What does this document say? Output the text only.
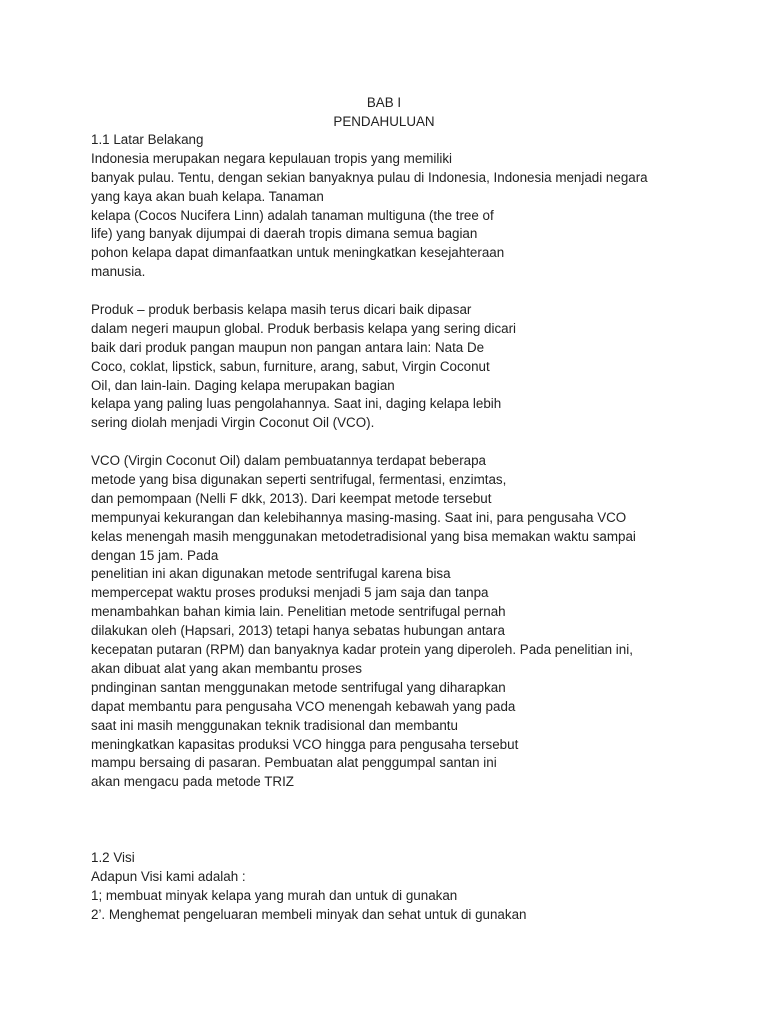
BAB I
PENDAHULUAN
1.1 Latar Belakang
Indonesia merupakan negara kepulauan tropis yang memiliki
banyak pulau. Tentu, dengan sekian banyaknya pulau di Indonesia, Indonesia menjadi negara
yang kaya akan buah kelapa. Tanaman
kelapa (Cocos Nucifera Linn) adalah tanaman multiguna (the tree of
life) yang banyak dijumpai di daerah tropis dimana semua bagian
pohon kelapa dapat dimanfaatkan untuk meningkatkan kesejahteraan
manusia.
Produk – produk berbasis kelapa masih terus dicari baik dipasar
dalam negeri maupun global. Produk berbasis kelapa yang sering dicari
baik dari produk pangan maupun non pangan antara lain: Nata De
Coco, coklat, lipstick, sabun, furniture, arang, sabut, Virgin Coconut
Oil, dan lain-lain. Daging kelapa merupakan bagian
kelapa yang paling luas pengolahannya. Saat ini, daging kelapa lebih
sering diolah menjadi Virgin Coconut Oil (VCO).
VCO (Virgin Coconut Oil) dalam pembuatannya terdapat beberapa
metode yang bisa digunakan seperti sentrifugal, fermentasi, enzimtas,
dan pemompaan (Nelli F dkk, 2013). Dari keempat metode tersebut
mempunyai kekurangan dan kelebihannya masing-masing. Saat ini, para pengusaha VCO
kelas menengah masih menggunakan metodetradisional yang bisa memakan waktu sampai
dengan 15 jam. Pada
penelitian ini akan digunakan metode sentrifugal karena bisa
mempercepat waktu proses produksi menjadi 5 jam saja dan tanpa
menambahkan bahan kimia lain. Penelitian metode sentrifugal pernah
dilakukan oleh (Hapsari, 2013) tetapi hanya sebatas hubungan antara
kecepatan putaran (RPM) dan banyaknya kadar protein yang diperoleh. Pada penelitian ini,
akan dibuat alat yang akan membantu proses
pndinginan santan menggunakan metode sentrifugal yang diharapkan
dapat membantu para pengusaha VCO menengah kebawah yang pada
saat ini masih menggunakan teknik tradisional dan membantu
meningkatkan kapasitas produksi VCO hingga para pengusaha tersebut
mampu bersaing di pasaran. Pembuatan alat penggumpal santan ini
akan mengacu pada metode TRIZ
1.2 Visi
Adapun Visi kami adalah :
1; membuat minyak kelapa yang murah dan untuk di gunakan
2’. Menghemat pengeluaran membeli minyak dan sehat untuk di gunakan
